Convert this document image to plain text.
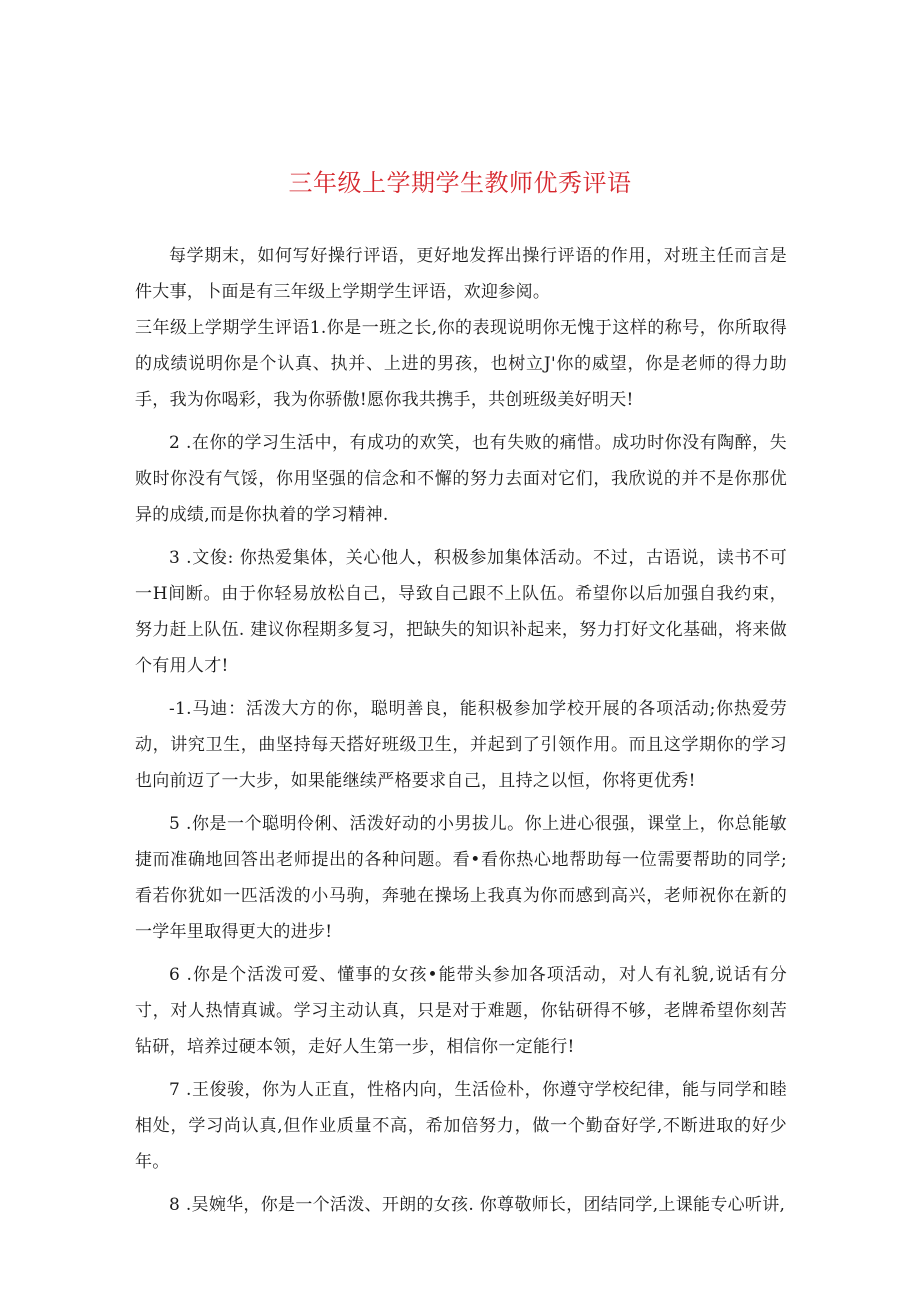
三年级上学期学生教师优秀评语

每学期末，如何写好操行评语，更好地发挥出操行评语的作用，对班主任而言是件大事，卜面是有三年级上学期学生评语，欢迎参阅。

三年级上学期学生评语1.你是一班之长,你的表现说明你无愧于这样的称号，你所取得的成绩说明你是个认真、执并、上进的男孩，也树立J'你的威望，你是老师的得力助手，我为你喝彩，我为你骄傲!愿你我共携手，共创班级美好明天!

2 .在你的学习生活中，有成功的欢笑，也有失败的痛惜。成功时你没有陶醉，失败时你没有气馁，你用坚强的信念和不懈的努力去面对它们，我欣说的并不是你那优异的成绩,而是你执着的学习精神.

3 .文俊: 你热爱集体，关心他人，积极参加集体活动。不过，古语说，读书不可一H间断。由于你轻易放松自己，导致自己跟不上队伍。希望你以后加强自我约束，努力赶上队伍. 建议你程期多复习，把缺失的知识补起来，努力打好文化基础，将来做个有用人才!

-1.马迪：活泼大方的你，聪明善良，能积极参加学校开展的各项活动;你热爱劳动，讲究卫生，曲坚持每天搭好班级卫生，并起到了引领作用。而且这学期你的学习也向前迈了一大步，如果能继续严格要求自己，且持之以恒，你将更优秀!

5 .你是一个聪明伶俐、活泼好动的小男拔儿。你上进心很强，课堂上，你总能敏捷而准确地回答出老师提出的各种问题。看•看你热心地帮助每一位需要帮助的同学;看若你犹如一匹活泼的小马驹，奔驰在操场上我真为你而感到高兴，老师祝你在新的一学年里取得更大的进步!

6 .你是个活泼可爱、懂事的女孩•能带头参加各项活动，对人有礼貌,说话有分寸，对人热情真诚。学习主动认真，只是对于难题，你钻研得不够，老牌希望你刻苦钻研，培养过硬本领，走好人生第一步，相信你一定能行!

7 .王俊骏，你为人正直，性格内向，生活俭朴，你遵守学校纪律，能与同学和睦相处，学习尚认真,但作业质量不高，希加倍努力，做一个勤奋好学,不断进取的好少年。

8 .吴婉华，你是一个活泼、开朗的女孩. 你尊敬师长，团结同学,上课能专心听讲,
